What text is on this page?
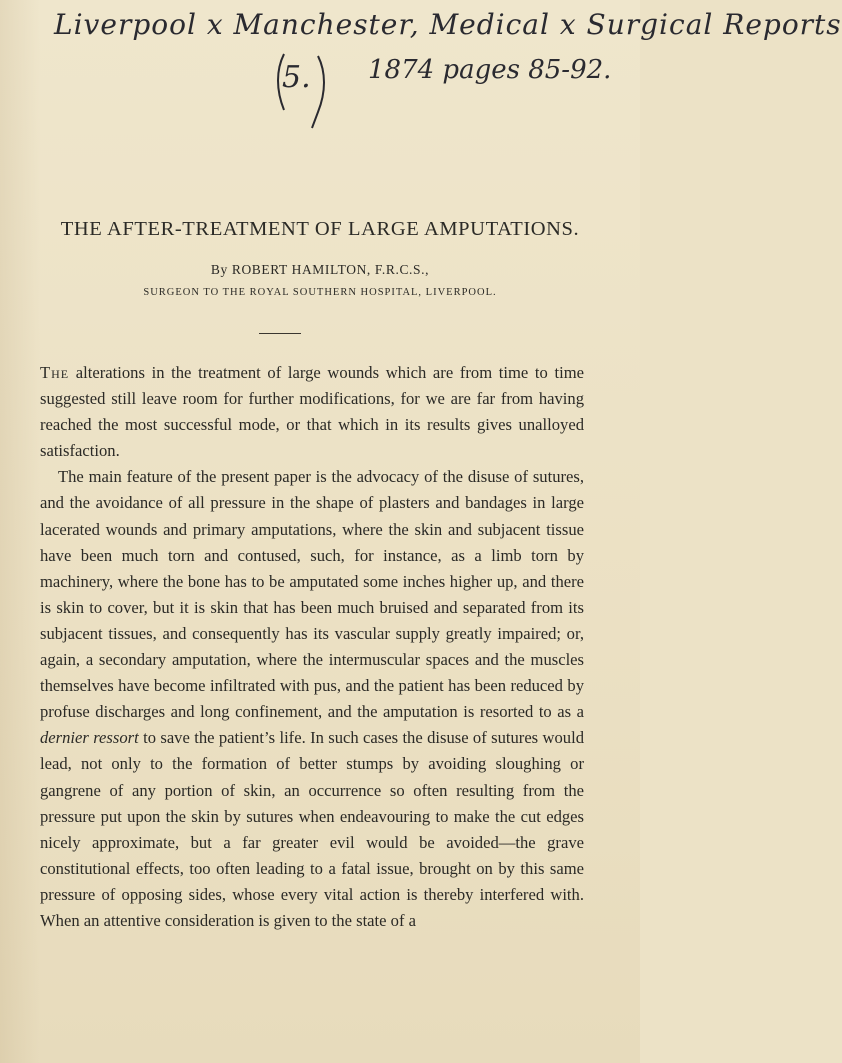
Liverpool x Manchester, Medical x Surgical Reports
5. 1874 pages 85-92.
THE AFTER-TREATMENT OF LARGE AMPUTATIONS.
By ROBERT HAMILTON, F.R.C.S.,
SURGEON TO THE ROYAL SOUTHERN HOSPITAL, LIVERPOOL.

The alterations in the treatment of large wounds which are from time to time suggested still leave room for further modifications, for we are far from having reached the most successful mode, or that which in its results gives unalloyed satisfaction.

The main feature of the present paper is the advocacy of the disuse of sutures, and the avoidance of all pressure in the shape of plasters and bandages in large lacerated wounds and primary amputations, where the skin and subjacent tissue have been much torn and contused, such, for instance, as a limb torn by machinery, where the bone has to be amputated some inches higher up, and there is skin to cover, but it is skin that has been much bruised and separated from its subjacent tissues, and consequently has its vascular supply greatly impaired; or, again, a secondary amputation, where the intermuscular spaces and the muscles themselves have become infiltrated with pus, and the patient has been reduced by profuse discharges and long confinement, and the amputation is resorted to as a dernier ressort to save the patient’s life. In such cases the disuse of sutures would lead, not only to the formation of better stumps by avoiding sloughing or gangrene of any portion of skin, an occurrence so often resulting from the pressure put upon the skin by sutures when endeavouring to make the cut edges nicely approximate, but a far greater evil would be avoided—the grave constitutional effects, too often leading to a fatal issue, brought on by this same pressure of opposing sides, whose every vital action is thereby interfered with. When an attentive consideration is given to the state of a
